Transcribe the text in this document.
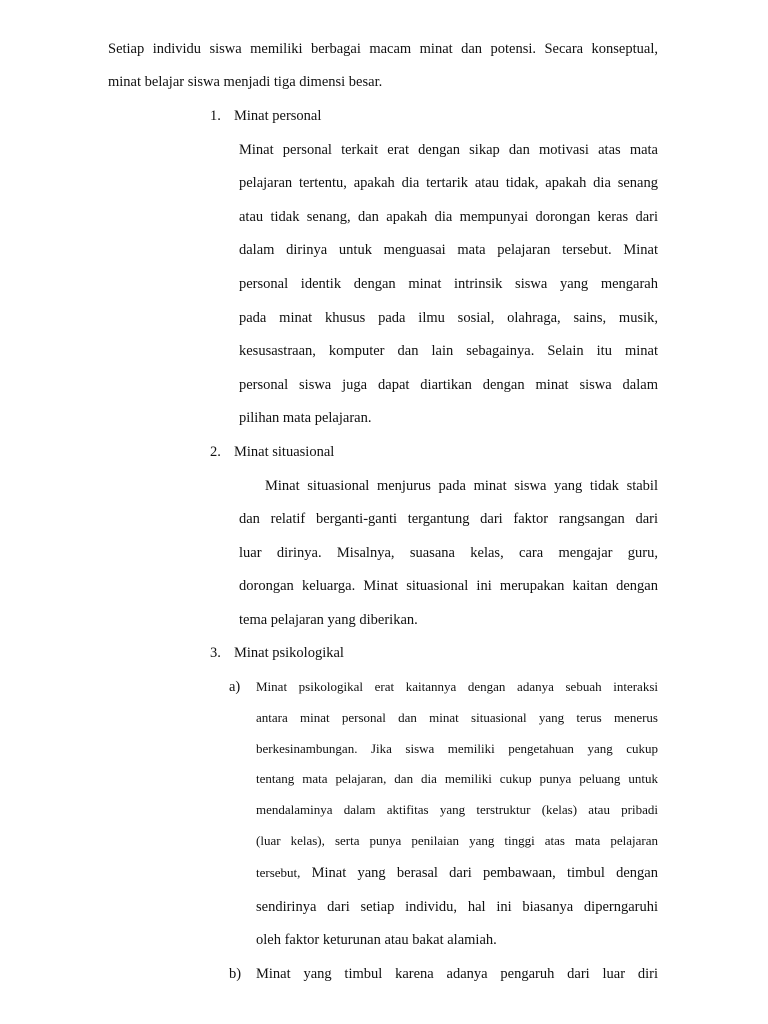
Setiap individu siswa memiliki berbagai macam minat dan potensi. Secara konseptual,
minat belajar siswa menjadi tiga dimensi besar.
1. Minat personal
Minat personal terkait erat dengan sikap dan motivasi atas mata
pelajaran tertentu, apakah dia tertarik atau tidak, apakah dia senang
atau tidak senang, dan apakah dia mempunyai dorongan keras dari
dalam dirinya untuk menguasai mata pelajaran tersebut. Minat
personal identik dengan minat intrinsik siswa yang mengarah
pada minat khusus pada ilmu sosial, olahraga, sains, musik,
kesusastraan, komputer dan lain sebagainya. Selain itu minat
personal siswa juga dapat diartikan dengan minat siswa dalam
pilihan mata pelajaran.
2. Minat situasional
Minat situasional menjurus pada minat siswa yang tidak stabil
dan relatif berganti-ganti tergantung dari faktor rangsangan dari
luar dirinya. Misalnya, suasana kelas, cara mengajar guru,
dorongan keluarga. Minat situasional ini merupakan kaitan dengan
tema pelajaran yang diberikan.
3. Minat psikologikal
a) Minat psikologikal erat kaitannya dengan adanya sebuah interaksi
antara minat personal dan minat situasional yang terus menerus
berkesinambungan. Jika siswa memiliki pengetahuan yang cukup
tentang mata pelajaran, dan dia memiliki cukup punya peluang untuk
mendalaminya dalam aktifitas yang terstruktur (kelas) atau pribadi
(luar kelas), serta punya penilaian yang tinggi atas mata pelajaran
tersebut, Minat yang berasal dari pembawaan, timbul dengan
sendirinya dari setiap individu, hal ini biasanya diperngaruhi
oleh faktor keturunan atau bakat alamiah.
b) Minat yang timbul karena adanya pengaruh dari luar diri
